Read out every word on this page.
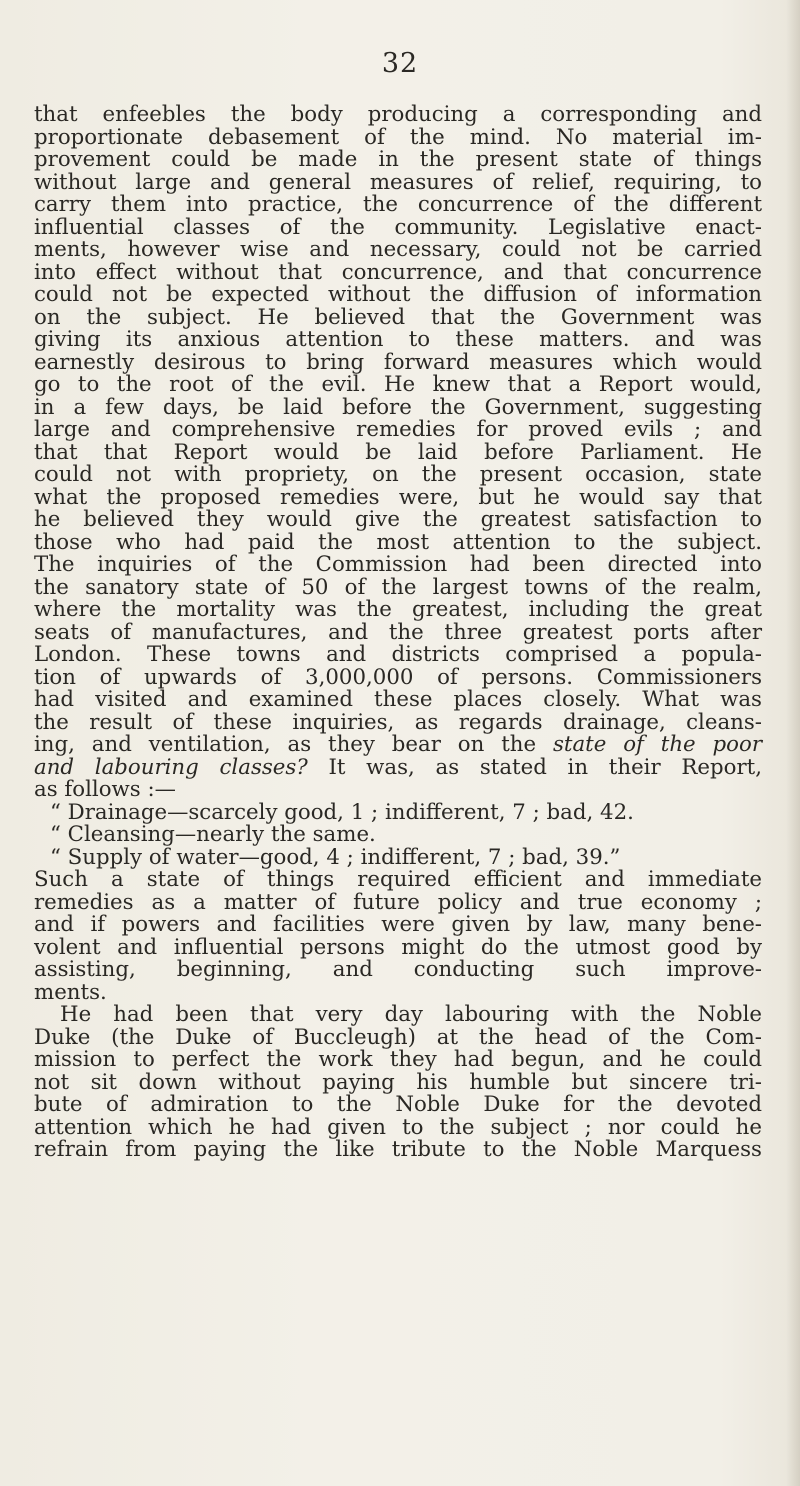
32
that enfeebles the body producing a corresponding and
proportionate debasement of the mind. No material im-
provement could be made in the present state of things
without large and general measures of relief, requiring, to
carry them into practice, the concurrence of the different
influential classes of the community. Legislative enact-
ments, however wise and necessary, could not be carried
into effect without that concurrence, and that concurrence
could not be expected without the diffusion of information
on the subject. He believed that the Government was
giving its anxious attention to these matters. and was
earnestly desirous to bring forward measures which would
go to the root of the evil. He knew that a Report would,
in a few days, be laid before the Government, suggesting
large and comprehensive remedies for proved evils ; and
that that Report would be laid before Parliament. He
could not with propriety, on the present occasion, state
what the proposed remedies were, but he would say that
he believed they would give the greatest satisfaction to
those who had paid the most attention to the subject.
The inquiries of the Commission had been directed into
the sanatory state of 50 of the largest towns of the realm,
where the mortality was the greatest, including the great
seats of manufactures, and the three greatest ports after
London. These towns and districts comprised a popula-
tion of upwards of 3,000,000 of persons. Commissioners
had visited and examined these places closely. What was
the result of these inquiries, as regards drainage, cleans-
ing, and ventilation, as they bear on the state of the poor
and labouring classes? It was, as stated in their Report,
as follows :—
“ Drainage—scarcely good, 1 ; indifferent, 7 ; bad, 42.
“ Cleansing—nearly the same.
“ Supply of water—good, 4 ; indifferent, 7 ; bad, 39.”
Such a state of things required efficient and immediate
remedies as a matter of future policy and true economy ;
and if powers and facilities were given by law, many bene-
volent and influential persons might do the utmost good by
assisting, beginning, and conducting such improve-
ments.
He had been that very day labouring with the Noble
Duke (the Duke of Buccleugh) at the head of the Com-
mission to perfect the work they had begun, and he could
not sit down without paying his humble but sincere tri-
bute of admiration to the Noble Duke for the devoted
attention which he had given to the subject ; nor could he
refrain from paying the like tribute to the Noble Marquess
